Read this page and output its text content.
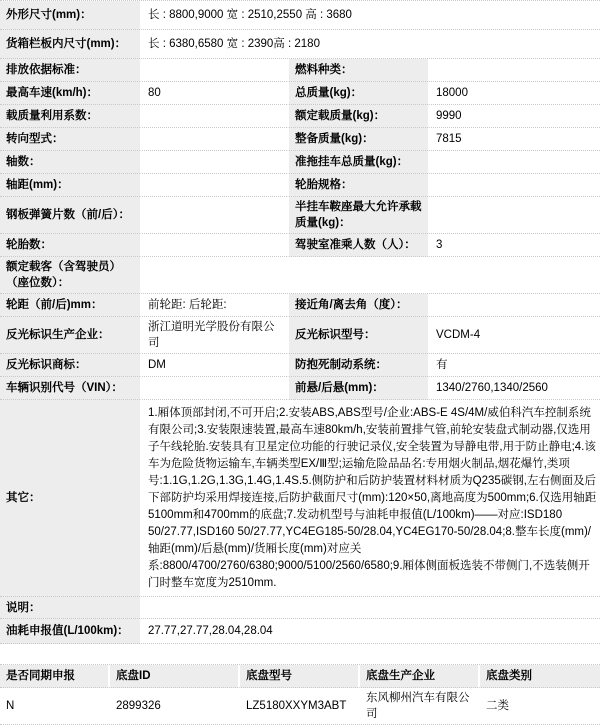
外形尺寸(mm)：	长 : 8800,9000 宽 : 2510,2550 高 : 3680		
货箱栏板内尺寸(mm)：	长 : 6380,6580 宽 : 2390高 : 2180		
排放依据标准：		燃料种类：	
最高车速(km/h)：	80	总质量(kg)：	18000
载质量利用系数：		额定载质量(kg)：	9990
转向型式：		整备质量(kg)：	7815
轴数：		准拖挂车总质量(kg)：	
轴距(mm)：		轮胎规格：	
钢板弹簧片数（前/后）：		半挂车鞍座最大允许承载质量(kg)：	
轮胎数：		驾驶室准乘人数（人）：	3
额定载客（含驾驶员）（座位数）：			
轮距（前/后)mm：	前轮距: 后轮距:	接近角/离去角（度）：	
反光标识生产企业：	浙江道明光学股份有限公司	反光标识型号：	VCDM-4
反光标识商标：	DM	防抱死制动系统：	有
车辆识别代号（VIN）：		前悬/后悬(mm)：	1340/2760,1340/2560
其它：	1.厢体顶部封闭,不可开启;2.安装ABS,ABS型号/企业:ABS-E 4S/4M/威伯科汽车控制系统有限公司;3.安装限速装置,最高车速80km/h,安装前置排气管,前轮安装盘式制动器,仅选用子午线轮胎.安装具有卫星定位功能的行驶记录仪,安全装置为导静电带,用于防止静电;4.该车为危险货物运输车,车辆类型EX/Ⅲ型;运输危险品品名:专用烟火制品,烟花爆竹,类项号:1.1G,1.2G,1.3G,1.4G,1.4S.5.侧防护和后防护装置材料材质为Q235碳钢,左右侧面及后下部防护均采用焊接连接,后防护截面尺寸(mm):120×50,离地高度为500mm;6.仅选用轴距5100mm和4700mm的底盘;7.发动机型号与油耗申报值(L/100km)——对应:ISD180 50/27.77,ISD160 50/27.77,YC4EG185-50/28.04,YC4EG170-50/28.04;8.整车长度(mm)/轴距(mm)/后悬(mm)/货厢长度(mm)对应关系:8800/4700/2760/6380;9000/5100/2560/6580;9.厢体侧面板选装不带侧门,不选装侧开门时整车宽度为2510mm.		
说明：			
油耗申报值(L/100km)：	27.77,27.77,28.04,28.04		
是否同期申报	底盘ID	底盘型号	底盘生产企业	底盘类别
N	2899326	LZ5180XXYM3ABT	东风柳州汽车有限公司	二类
